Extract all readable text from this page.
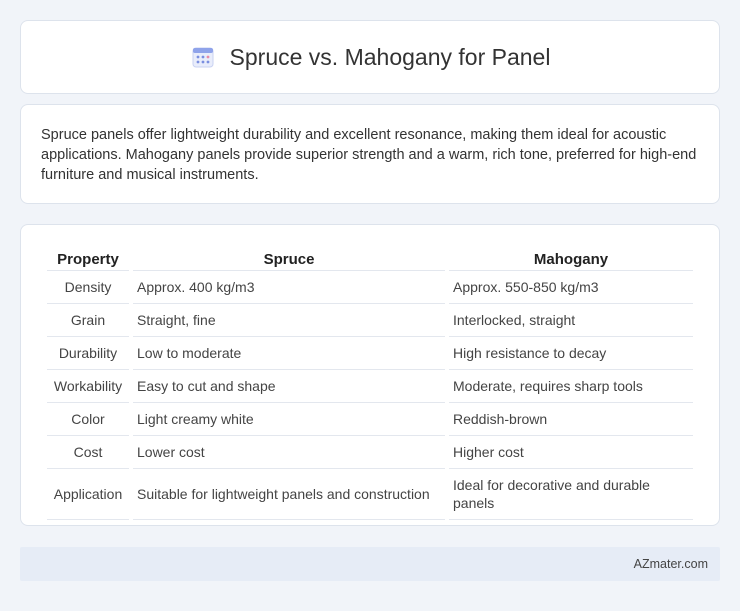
Spruce vs. Mahogany for Panel

Spruce panels offer lightweight durability and excellent resonance, making them ideal for acoustic applications. Mahogany panels provide superior strength and a warm, rich tone, preferred for high-end furniture and musical instruments.

Property	Spruce	Mahogany
Density	Approx. 400 kg/m3	Approx. 550-850 kg/m3
Grain	Straight, fine	Interlocked, straight
Durability	Low to moderate	High resistance to decay
Workability	Easy to cut and shape	Moderate, requires sharp tools
Color	Light creamy white	Reddish-brown
Cost	Lower cost	Higher cost
Application	Suitable for lightweight panels and construction	Ideal for decorative and durable panels
AZmater.com
